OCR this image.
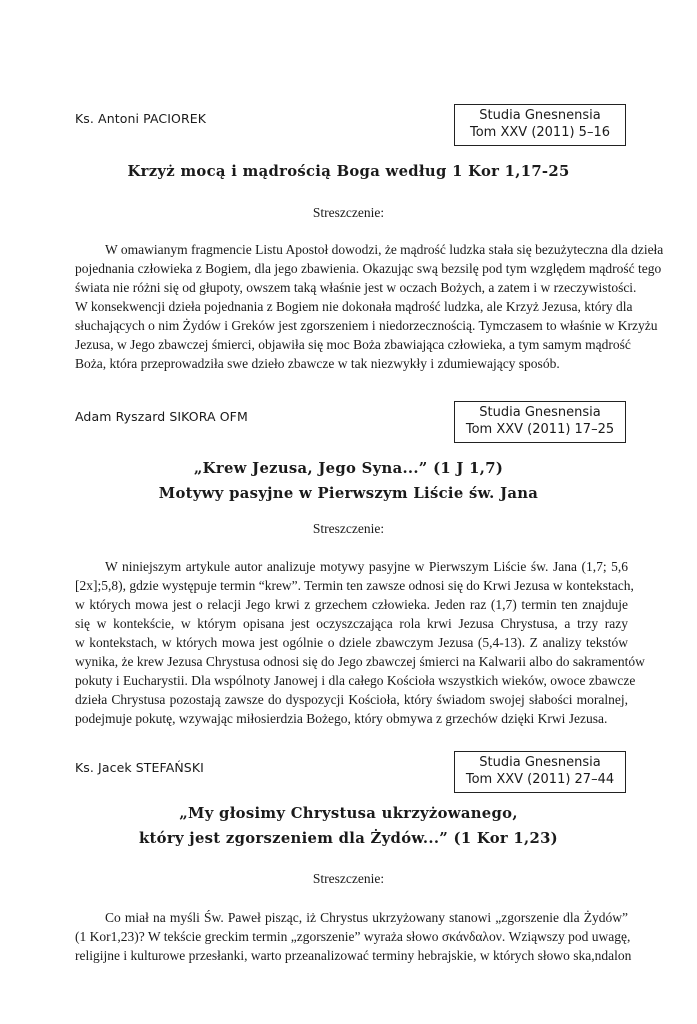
Ks. Antoni PACIOREK	Studia Gnesnensia
Tom XXV (2011) 5–16
Krzyż mocą i mądrością Boga według 1 Kor 1,17-25
Streszczenie:
W omawianym fragmencie Listu Apostoł dowodzi, że mądrość ludzka stała się bezużyteczna dla dzieła
pojednania człowieka z Bogiem, dla jego zbawienia. Okazując swą bezsilę pod tym względem mądrość tego
świata nie różni się od głupoty, owszem taką właśnie jest w oczach Bożych, a zatem i w rzeczywistości.
W konsekwencji dzieła pojednania z Bogiem nie dokonała mądrość ludzka, ale Krzyż Jezusa, który dla
słuchających o nim Żydów i Greków jest zgorszeniem i niedorzecznością. Tymczasem to właśnie w Krzyżu
Jezusa, w Jego zbawczej śmierci, objawiła się moc Boża zbawiająca człowieka, a tym samym mądrość
Boża, która przeprowadziła swe dzieło zbawcze w tak niezwykły i zdumiewający sposób.
Adam Ryszard SIKORA OFM	Studia Gnesnensia
Tom XXV (2011) 17–25
„Krew Jezusa, Jego Syna...” (1 J 1,7)
Motywy pasyjne w Pierwszym Liście św. Jana
Streszczenie:
W niniejszym artykule autor analizuje motywy pasyjne w Pierwszym Liście św. Jana (1,7; 5,6
[2x];5,8), gdzie występuje termin “krew”. Termin ten zawsze odnosi się do Krwi Jezusa w kontekstach,
w których mowa jest o relacji Jego krwi z grzechem człowieka. Jeden raz (1,7) termin ten znajduje
się w kontekście, w którym opisana jest oczyszczająca rola krwi Jezusa Chrystusa, a trzy razy
w kontekstach, w których mowa jest ogólnie o dziele zbawczym Jezusa (5,4-13). Z analizy tekstów
wynika, że krew Jezusa Chrystusa odnosi się do Jego zbawczej śmierci na Kalwarii albo do sakramentów
pokuty i Eucharystii. Dla wspólnoty Janowej i dla całego Kościoła wszystkich wieków, owoce zbawcze
dzieła Chrystusa pozostają zawsze do dyspozycji Kościoła, który świadom swojej słabości moralnej,
podejmuje pokutę, wzywając miłosierdzia Bożego, który obmywa z grzechów dzięki Krwi Jezusa.
Ks. Jacek STEFAŃSKI	Studia Gnesnensia
Tom XXV (2011) 27–44
„My głosimy Chrystusa ukrzyżowanego,
który jest zgorszeniem dla Żydów...” (1 Kor 1,23)
Streszczenie:
Co miał na myśli Św. Paweł pisząc, iż Chrystus ukrzyżowany stanowi „zgorszenie dla Żydów”
(1 Kor1,23)? W tekście greckim termin „zgorszenie” wyraża słowo σκάνδαλον. Wziąwszy pod uwagę,
religijne i kulturowe przesłanki, warto przeanalizować terminy hebrajskie, w których słowo ska,ndalon
